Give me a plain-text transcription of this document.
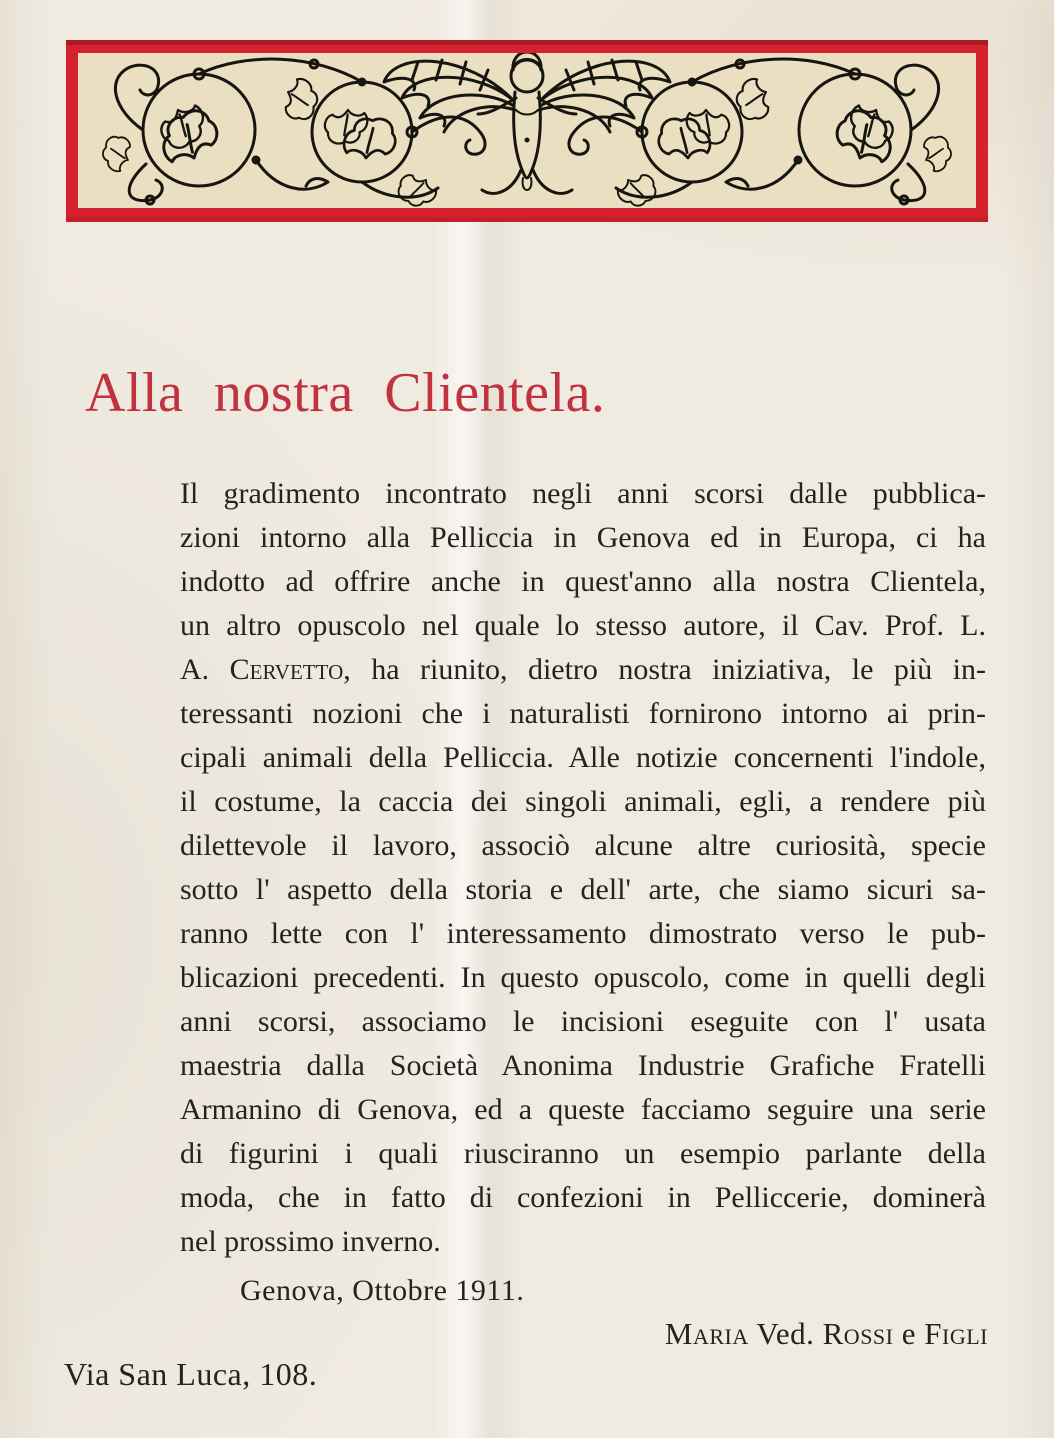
Alla nostra Clientela.
Il gradimento incontrato negli anni scorsi dalle pubblica-
zioni intorno alla Pelliccia in Genova ed in Europa, ci ha
indotto ad offrire anche in quest'anno alla nostra Clientela,
un altro opuscolo nel quale lo stesso autore, il Cav. Prof. L.
A. Cervetto, ha riunito, dietro nostra iniziativa, le più in-
teressanti nozioni che i naturalisti fornirono intorno ai prin-
cipali animali della Pelliccia. Alle notizie concernenti l'indole,
il costume, la caccia dei singoli animali, egli, a rendere più
dilettevole il lavoro, associò alcune altre curiosità, specie
sotto l' aspetto della storia e dell' arte, che siamo sicuri sa-
ranno lette con l' interessamento dimostrato verso le pub-
blicazioni precedenti. In questo opuscolo, come in quelli degli
anni scorsi, associamo le incisioni eseguite con l' usata
maestria dalla Società Anonima Industrie Grafiche Fratelli
Armanino di Genova, ed a queste facciamo seguire una serie
di figurini i quali riusciranno un esempio parlante della
moda, che in fatto di confezioni in Pelliccerie, dominerà
nel prossimo inverno.
Genova, Ottobre 1911.
Maria Ved. Rossi e Figli
Via San Luca, 108.
